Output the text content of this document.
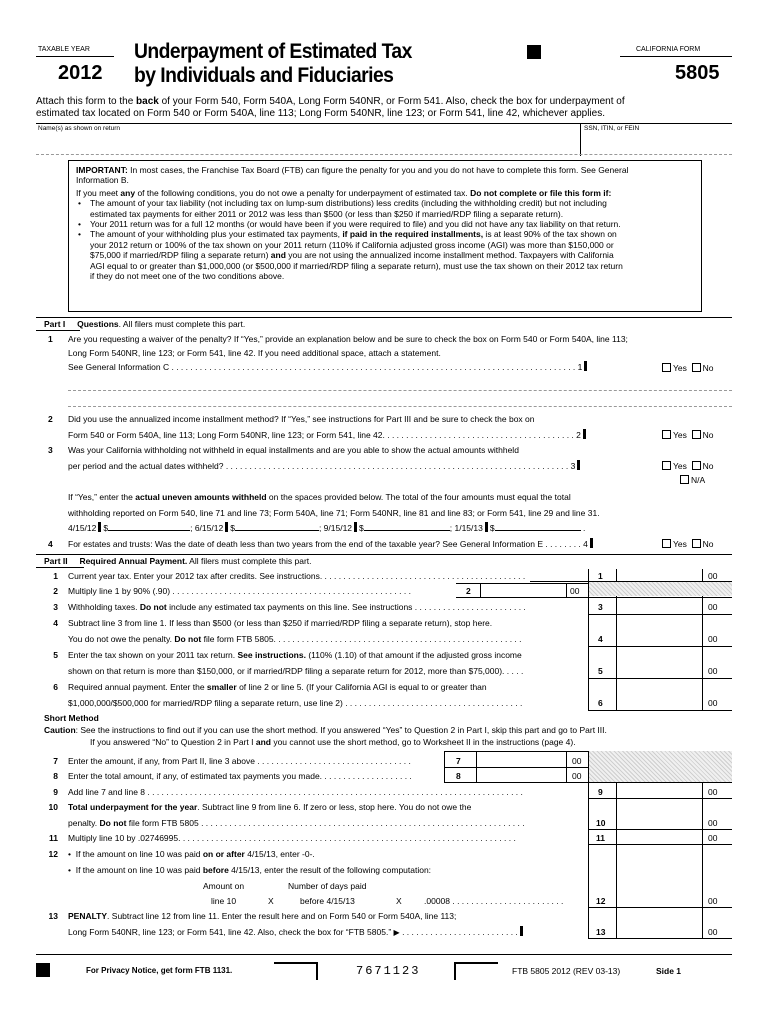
TAXABLE YEAR
2012
Underpayment of Estimated Tax
by Individuals and Fiduciaries
CALIFORNIA FORM
5805
Attach this form to the back of your Form 540, Form 540A, Long Form 540NR, or Form 541. Also, check the box for underpayment of
estimated tax located on Form 540 or Form 540A, line 113; Long Form 540NR, line 123; or Form 541, line 42, whichever applies.
Name(s) as shown on return	SSN, ITIN, or FEIN
IMPORTANT: In most cases, the Franchise Tax Board (FTB) can figure the penalty for you and you do not have to complete this form. See General
Information B.
If you meet any of the following conditions, you do not owe a penalty for underpayment of estimated tax. Do not complete or file this form if:
• The amount of your tax liability (not including tax on lump-sum distributions) less credits (including the withholding credit) but not including
estimated tax payments for either 2011 or 2012 was less than $500 (or less than $250 if married/RDP filing a separate return).
• Your 2011 return was for a full 12 months (or would have been if you were required to file) and you did not have any tax liability on that return.
• The amount of your withholding plus your estimated tax payments, if paid in the required installments, is at least 90% of the tax shown on
your 2012 return or 100% of the tax shown on your 2011 return (110% if California adjusted gross income (AGI) was more than $150,000 or
$75,000 if married/RDP filing a separate return) and you are not using the annualized income installment method. Taxpayers with California
AGI equal to or greater than $1,000,000 (or $500,000 if married/RDP filing a separate return), must use the tax shown on their 2012 tax return
if they do not meet one of the two conditions above.
Part I Questions. All filers must complete this part.
1 Are you requesting a waiver of the penalty? If “Yes,” provide an explanation below and be sure to check the box on Form 540 or Form 540A, line 113;
Long Form 540NR, line 123; or Form 541, line 42. If you need additional space, attach a statement.
See General Information C . . . . . . . . . . . . . . . . . . . . . . . . . . . . . . . . . . . . . . . . . . . . . . . . . . . . . . . . . . . . . . . . . . . . . . . . . . . . . . . . . . . . . . 1	Yes No
2 Did you use the annualized income installment method? If “Yes,” see instructions for Part III and be sure to check the box on
Form 540 or Form 540A, line 113; Long Form 540NR, line 123; or Form 541, line 42. . . . . . . . . . . . . . . . . . . . . . . . . . . . . . . . . . . . . . . . . 2	Yes No
3 Was your California withholding not withheld in equal installments and are you able to show the actual amounts withheld
per period and the actual dates withheld? . . . . . . . . . . . . . . . . . . . . . . . . . . . . . . . . . . . . . . . . . . . . . . . . . . . . . . . . . . . . . . . . . . . . . . . . . 3	Yes No
N/A
If “Yes,” enter the actual uneven amounts withheld on the spaces provided below. The total of the four amounts must equal the total
withholding reported on Form 540, line 71 and line 73; Form 540A, line 71; Form 540NR, line 81 and line 83; or Form 541, line 29 and line 31.
4/15/12 $	; 6/15/12 $	; 9/15/12 $	; 1/15/13 $	.
4 For estates and trusts: Was the date of death less than two years from the end of the taxable year? See General Information E . . . . . . . . 4	Yes No
Part II Required Annual Payment. All filers must complete this part.
1 Current year tax. Enter your 2012 tax after credits. See instructions. . . . . . . . . . . . . . . . . . . . . . . . . . . . . . . . . . . . . . . . . . . .	1	00
2 Multiply line 1 by 90% (.90) . . . . . . . . . . . . . . . . . . . . . . . . . . . . . . . . . . . . . . . . . . . . . . . . . . .	2	00
3 Withholding taxes. Do not include any estimated tax payments on this line. See instructions . . . . . . . . . . . . . . . . . . . . . . . .	3	00
4 Subtract line 3 from line 1. If less than $500 (or less than $250 if married/RDP filing a separate return), stop here.
You do not owe the penalty. Do not file form FTB 5805. . . . . . . . . . . . . . . . . . . . . . . . . . . . . . . . . . . . . . . . . . . . . . . . . . . . .	4	00
5 Enter the tax shown on your 2011 tax return. See instructions. (110% (1.10) of that amount if the adjusted gross income
shown on that return is more than $150,000, or if married/RDP filing a separate return for 2012, more than $75,000). . . . .	5	00
6 Required annual payment. Enter the smaller of line 2 or line 5. (If your California AGI is equal to or greater than
$1,000,000/$500,000 for married/RDP filing a separate return, use line 2) . . . . . . . . . . . . . . . . . . . . . . . . . . . . . . . . . . . . . .	6	00
Short Method
Caution: See the instructions to find out if you can use the short method. If you answered “Yes” to Question 2 in Part I, skip this part and go to Part III.
If you answered “No” to Question 2 in Part I and you cannot use the short method, go to Worksheet II in the instructions (page 4).
7 Enter the amount, if any, from Part II, line 3 above . . . . . . . . . . . . . . . . . . . . . . . . . . . . . . . . .	7	00
8 Enter the total amount, if any, of estimated tax payments you made. . . . . . . . . . . . . . . . . . . .	8	00
9 Add line 7 and line 8 . . . . . . . . . . . . . . . . . . . . . . . . . . . . . . . . . . . . . . . . . . . . . . . . . . . . . . . . . . . . . . . . . . . . . . . . . . . . . . . .	9	00
10 Total underpayment for the year. Subtract line 9 from line 6. If zero or less, stop here. You do not owe the
penalty. Do not file form FTB 5805 . . . . . . . . . . . . . . . . . . . . . . . . . . . . . . . . . . . . . . . . . . . . . . . . . . . . . . . . . . . . . . . . . . . . .	10	00
11 Multiply line 10 by .02746995. . . . . . . . . . . . . . . . . . . . . . . . . . . . . . . . . . . . . . . . . . . . . . . . . . . . . . . . . . . . . . . . . . . . . . . .	11	00
12 •  If the amount on line 10 was paid on or after 4/15/13, enter -0-.
•  If the amount on line 10 was paid before 4/15/13, enter the result of the following computation:
Amount on	Number of days paid
line 10	X	before 4/15/13	X	.00008 . . . . . . . . . . . . . . . . . . . . . . . .	12	00
13 PENALTY. Subtract line 12 from line 11. Enter the result here and on Form 540 or Form 540A, line 113;
Long Form 540NR, line 123; or Form 541, line 42. Also, check the box for “FTB 5805.” ▶ . . . . . . . . . . . . . . . . . . . . . . . . .	13	00
For Privacy Notice, get form FTB 1131.	7671123	FTB 5805 2012 (REV 03-13)	Side 1
